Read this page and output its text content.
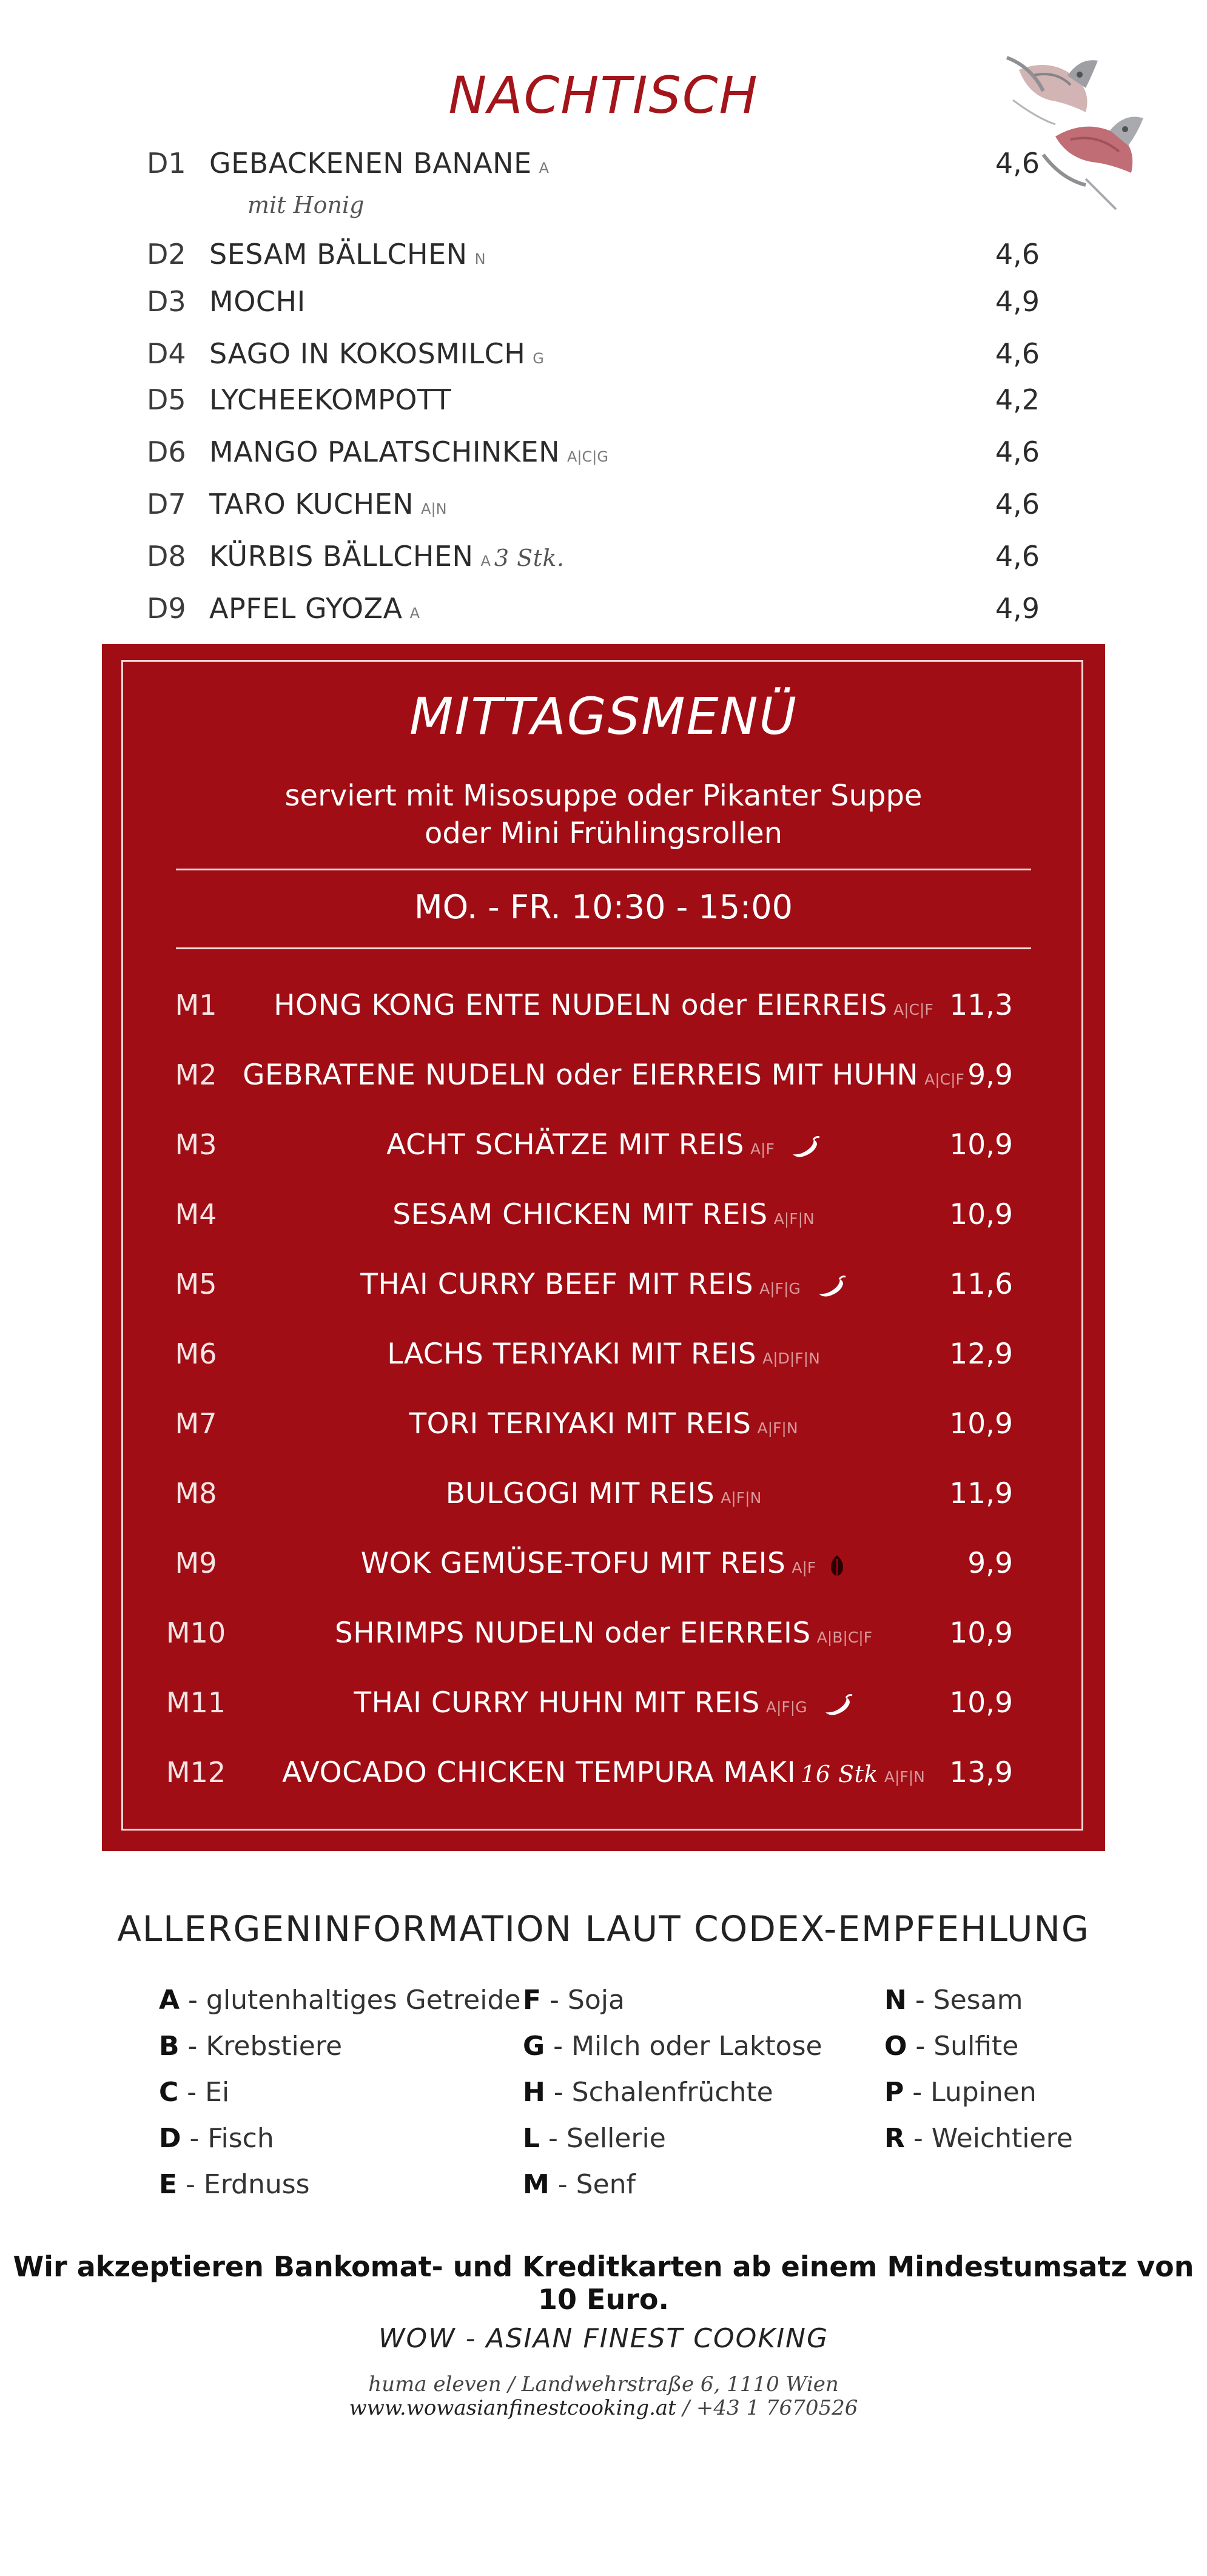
NACHTISCH
mit Honig
D1 GEBACKENEN BANANE A	4,6
D2 SESAM BÄLLCHEN N	4,6
D3 MOCHI	4,9
D4 SAGO IN KOKOSMILCH G	4,6
D5 LYCHEEKOMPOTT	4,2
D6 MANGO PALATSCHINKEN A|C|G	4,6
D7 TARO KUCHEN A|N	4,6
D8 KÜRBIS BÄLLCHEN A 3 Stk.	4,6
D9 APFEL GYOZA A	4,9
MITTAGSMENÜ
serviert mit Misosuppe oder Pikanter Suppe
oder Mini Frühlingsrollen
MO. - FR. 10:30 - 15:00
M1	HONG KONG ENTE NUDELN oder EIERREIS A|C|F 11,3
M2 GEBRATENE NUDELN oder EIERREIS MIT HUHN A|C|F 9,9
M3	ACHT SCHÄTZE MIT REIS A|F	10,9
M4	SESAM CHICKEN MIT REIS A|F|N	10,9
M5	THAI CURRY BEEF MIT REIS A|F|G	11,6
M6	LACHS TERIYAKI MIT REIS A|D|F|N	12,9
M7	TORI TERIYAKI MIT REIS A|F|N	10,9
M8	BULGOGI MIT REIS A|F|N	11,9
M9	WOK GEMÜSE-TOFU MIT REIS A|F	9,9
M10	SHRIMPS NUDELN oder EIERREIS A|B|C|F	10,9
M11	THAI CURRY HUHN MIT REIS A|F|G	10,9
M12	AVOCADO CHICKEN TEMPURA MAKI 16 Stk A|F|N 13,9
ALLERGENINFORMATION LAUT CODEX-EMPFEHLUNG
A - glutenhaltiges Getreide
B - Krebstiere
C - Ei
D - Fisch
E - Erdnuss
F - Soja
G - Milch oder Laktose
H - Schalenfrüchte
L - Sellerie
M - Senf
N - Sesam
O - Sulfite
P - Lupinen
R - Weichtiere
Wir akzeptieren Bankomat- und Kreditkarten ab einem Mindestumsatz von 10 Euro.
WOW - ASIAN FINEST COOKING
huma eleven / Landwehrstraße 6, 1110 Wien
www.wowasianfinestcooking.at / +43 1 7670526
